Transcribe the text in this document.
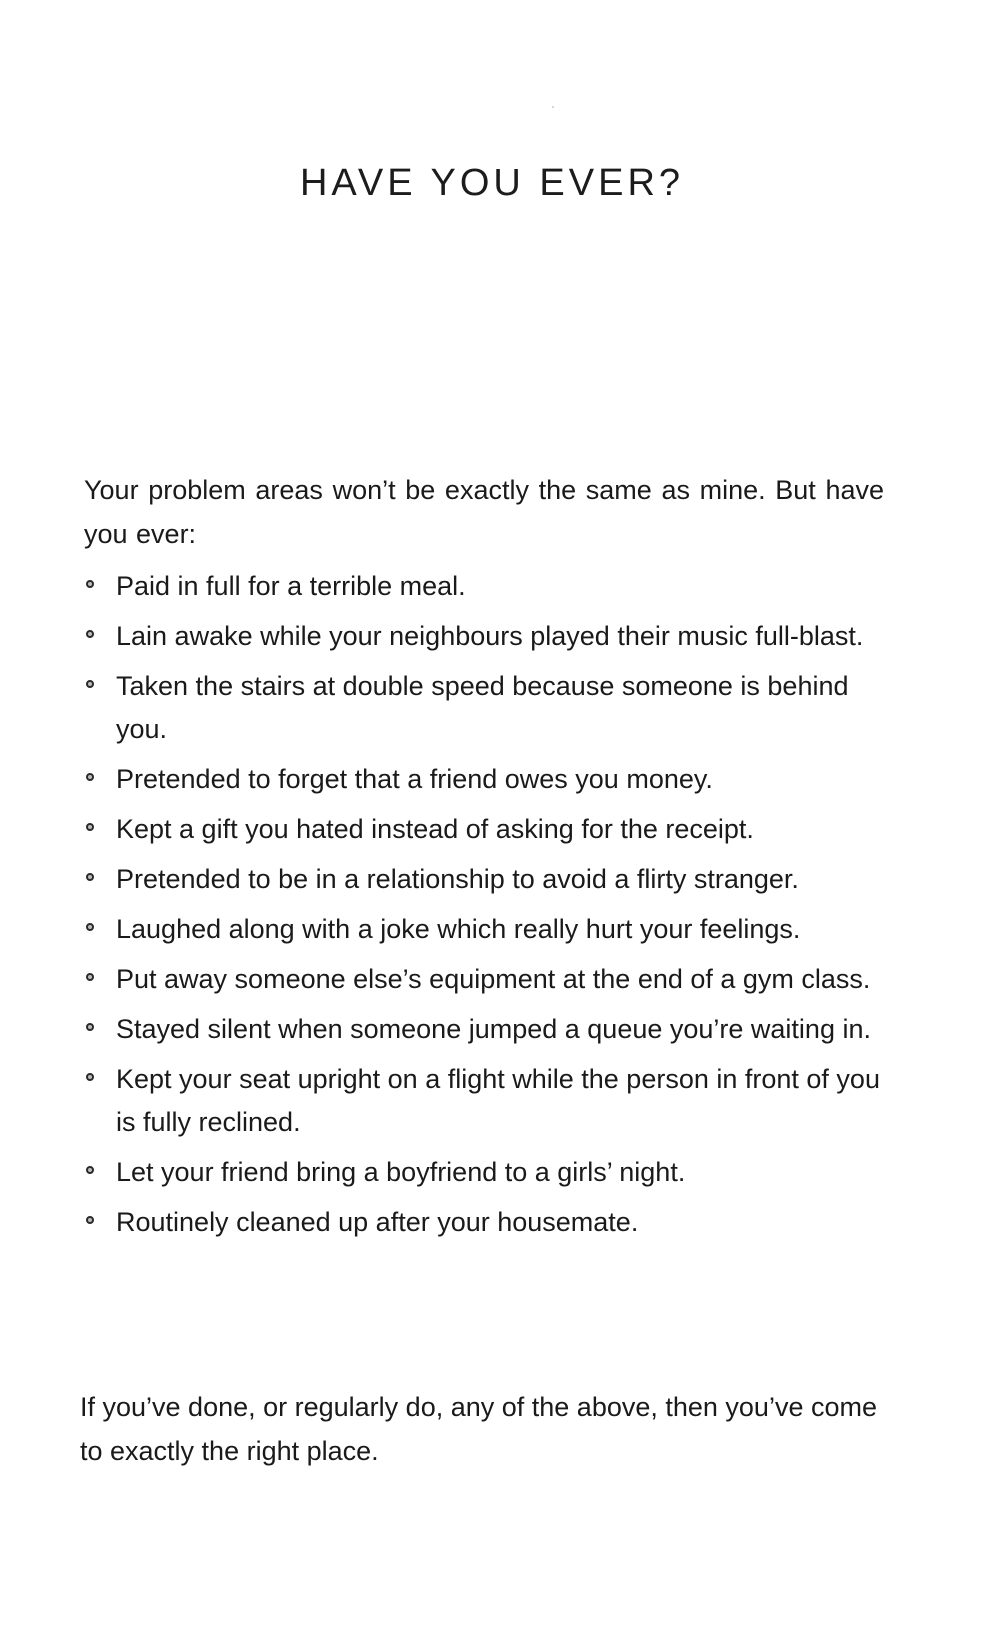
HAVE YOU EVER?

Your problem areas won’t be exactly the same as mine. But have you ever:

Paid in full for a terrible meal.
Lain awake while your neighbours played their music full-blast.
Taken the stairs at double speed because someone is behind you.
Pretended to forget that a friend owes you money.
Kept a gift you hated instead of asking for the receipt.
Pretended to be in a relationship to avoid a flirty stranger.
Laughed along with a joke which really hurt your feelings.
Put away someone else’s equipment at the end of a gym class.
Stayed silent when someone jumped a queue you’re waiting in.
Kept your seat upright on a flight while the person in front of you is fully reclined.
Let your friend bring a boyfriend to a girls’ night.
Routinely cleaned up after your housemate.

If you’ve done, or regularly do, any of the above, then you’ve come to exactly the right place.
